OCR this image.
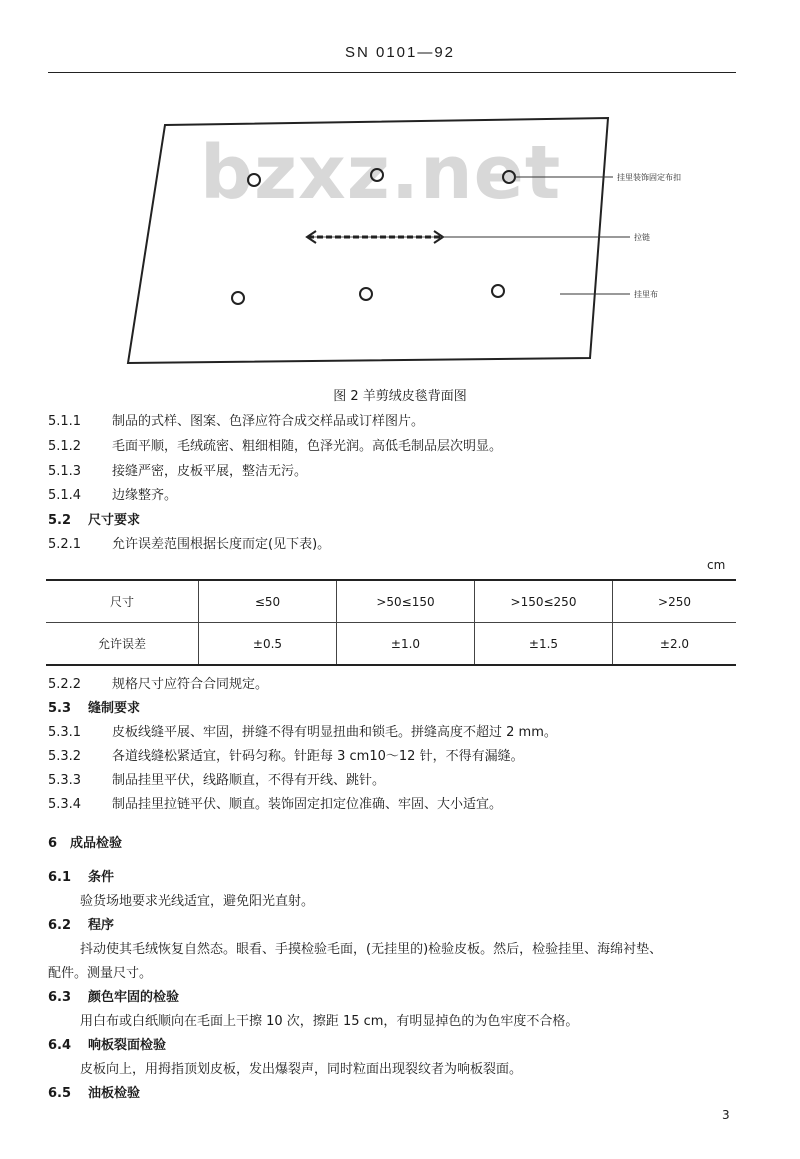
SN 0101—92
bzxz.net	挂里装饰固定布扣
拉链
挂里布
图 2 羊剪绒皮毯背面图
5.1.1 制品的式样、图案、色泽应符合成交样品或订样图片。
5.1.2 毛面平顺，毛绒疏密、粗细相随，色泽光润。高低毛制品层次明显。
5.1.3 接缝严密，皮板平展，整洁无污。
5.1.4 边缘整齐。
5.2 尺寸要求
5.2.1 允许误差范围根据长度而定(见下表)。
cm
尺寸	≤50	>50≤150	>150≤250	>250
允许误差	±0.5	±1.0	±1.5	±2.0
5.2.2 规格尺寸应符合合同规定。
5.3 缝制要求
5.3.1 皮板线缝平展、牢固，拼缝不得有明显扭曲和锁毛。拼缝高度不超过 2 mm。
5.3.2 各道线缝松紧适宜，针码匀称。针距每 3 cm10～12 针，不得有漏缝。
5.3.3 制品挂里平伏，线路顺直，不得有开线、跳针。
5.3.4 制品挂里拉链平伏、顺直。装饰固定扣定位准确、牢固、大小适宜。
6 成品检验
6.1 条件
验货场地要求光线适宜，避免阳光直射。
6.2 程序
抖动使其毛绒恢复自然态。眼看、手摸检验毛面，(无挂里的)检验皮板。然后，检验挂里、海绵衬垫、
配件。测量尺寸。
6.3 颜色牢固的检验
用白布或白纸顺向在毛面上干擦 10 次，擦距 15 cm，有明显掉色的为色牢度不合格。
6.4 响板裂面检验
皮板向上，用拇指顶划皮板，发出爆裂声，同时粒面出现裂纹者为响板裂面。
6.5 油板检验
3
